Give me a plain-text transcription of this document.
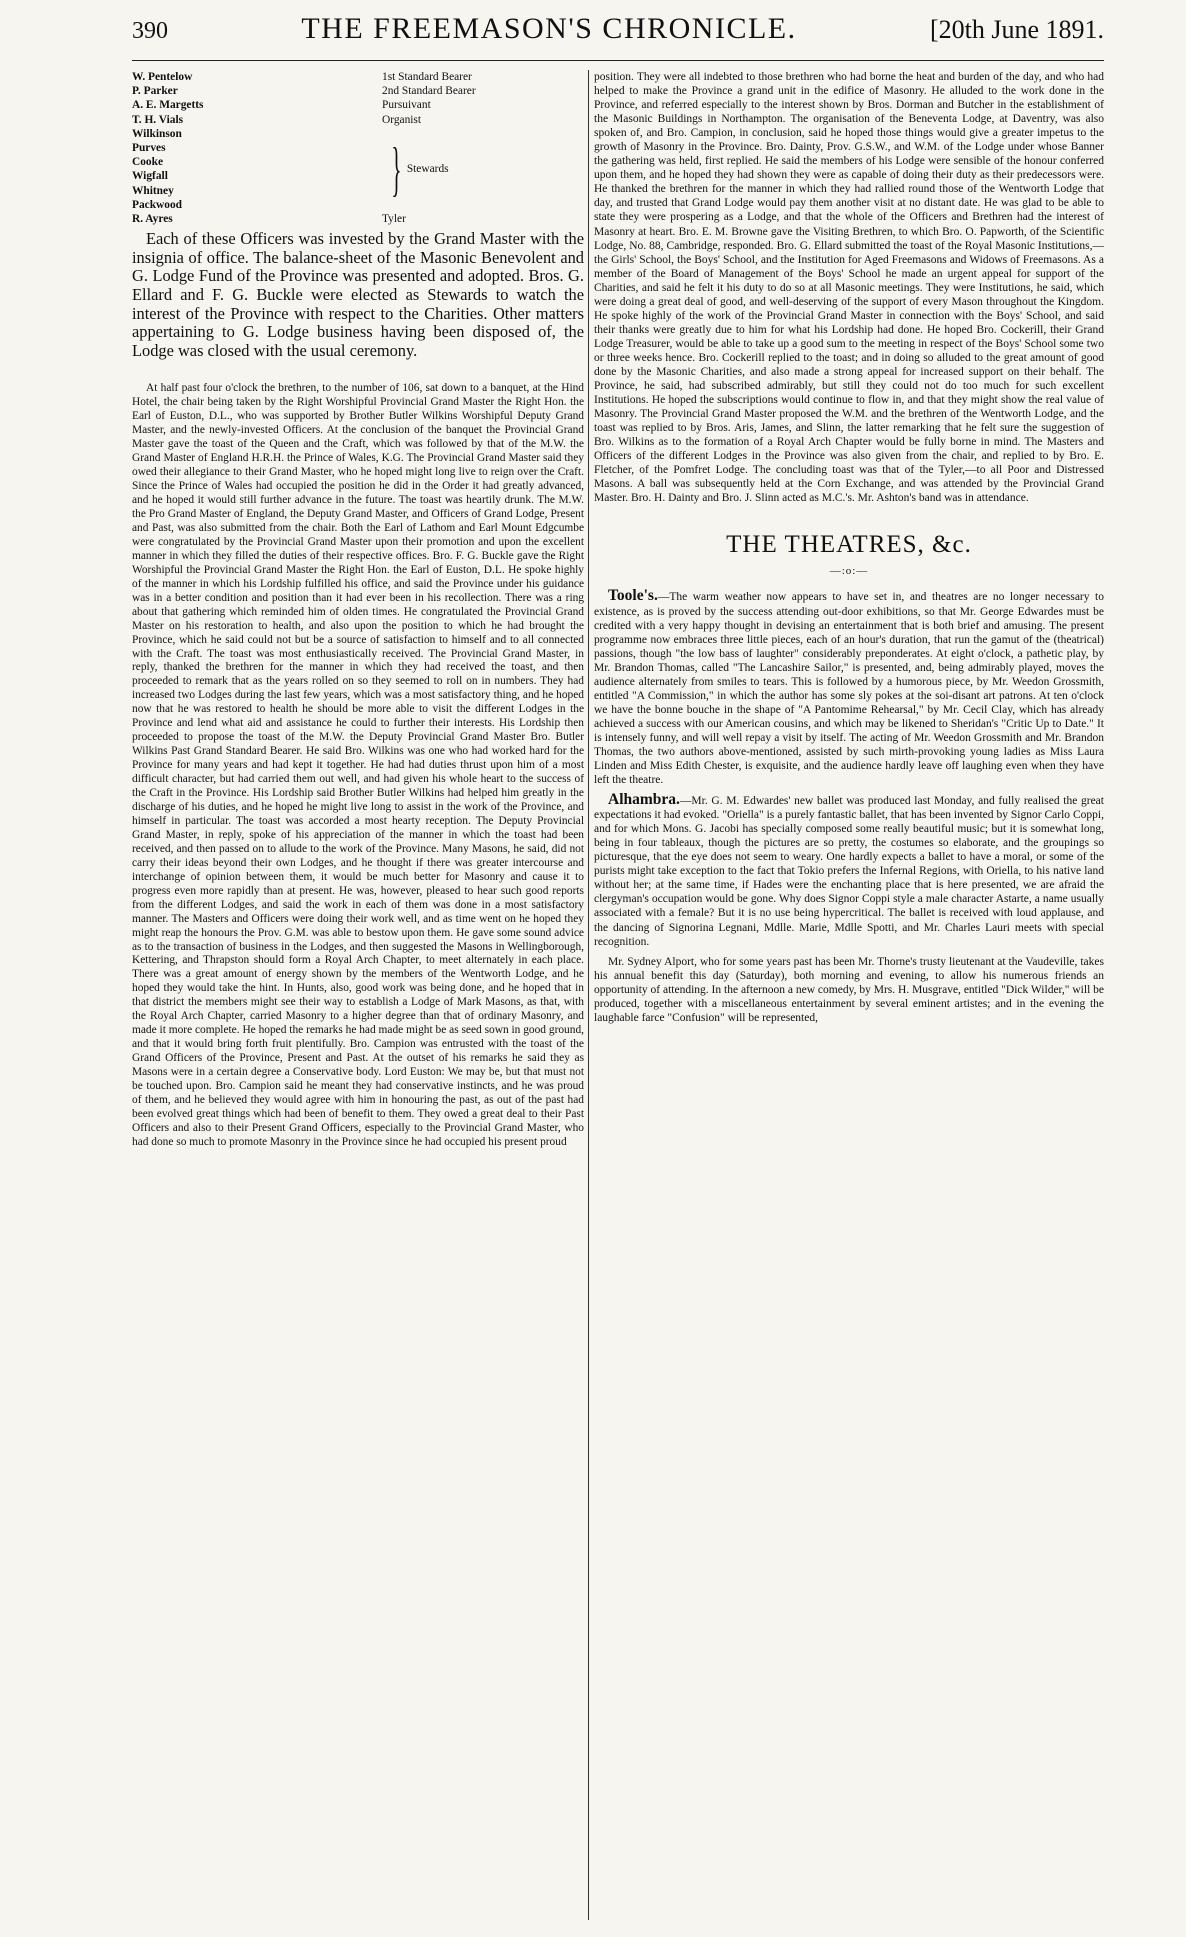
390	THE FREEMASON'S CHRONICLE.	[20th June 1891.
W. Pentelow	1st Standard Bearer
P. Parker	2nd Standard Bearer
A. E. Margetts	Pursuivant
T. H. Vials	Organist
Wilkinson
Purves
Cooke
Wigfall
Whitney
Packwood
} Stewards
R. Ayres	Tyler

Each of these Officers was invested by the Grand Master with the insignia of office. The balance-sheet of the Masonic Benevolent and G. Lodge Fund of the Province was presented and adopted. Bros. G. Ellard and F. G. Buckle were elected as Stewards to watch the interest of the Province with respect to the Charities. Other matters appertaining to G. Lodge business having been disposed of, the Lodge was closed with the usual ceremony.

At half past four o'clock the brethren, to the number of 106, sat down to a banquet, at the Hind Hotel, the chair being taken by the Right Worshipful Provincial Grand Master the Right Hon. the Earl of Euston, D.L., who was supported by Brother Butler Wilkins Worshipful Deputy Grand Master, and the newly-invested Officers. At the conclusion of the banquet the Provincial Grand Master gave the toast of the Queen and the Craft, which was followed by that of the M.W. the Grand Master of England H.R.H. the Prince of Wales, K.G. The Provincial Grand Master said they owed their allegiance to their Grand Master, who he hoped might long live to reign over the Craft. Since the Prince of Wales had occupied the position he did in the Order it had greatly advanced, and he hoped it would still further advance in the future. The toast was heartily drunk. The M.W. the Pro Grand Master of England, the Deputy Grand Master, and Officers of Grand Lodge, Present and Past, was also submitted from the chair. Both the Earl of Lathom and Earl Mount Edgcumbe were congratulated by the Provincial Grand Master upon their promotion and upon the excellent manner in which they filled the duties of their respective offices. Bro. F. G. Buckle gave the Right Worshipful the Provincial Grand Master the Right Hon. the Earl of Euston, D.L. He spoke highly of the manner in which his Lordship fulfilled his office, and said the Province under his guidance was in a better condition and position than it had ever been in his recollection. There was a ring about that gathering which reminded him of olden times. He congratulated the Provincial Grand Master on his restoration to health, and also upon the position to which he had brought the Province, which he said could not but be a source of satisfaction to himself and to all connected with the Craft. The toast was most enthusiastically received. The Provincial Grand Master, in reply, thanked the brethren for the manner in which they had received the toast, and then proceeded to remark that as the years rolled on so they seemed to roll on in numbers. They had increased two Lodges during the last few years, which was a most satisfactory thing, and he hoped now that he was restored to health he should be more able to visit the different Lodges in the Province and lend what aid and assistance he could to further their interests. His Lordship then proceeded to propose the toast of the M.W. the Deputy Provincial Grand Master Bro. Butler Wilkins Past Grand Standard Bearer. He said Bro. Wilkins was one who had worked hard for the Province for many years and had kept it together. He had had duties thrust upon him of a most difficult character, but had carried them out well, and had given his whole heart to the success of the Craft in the Province. His Lordship said Brother Butler Wilkins had helped him greatly in the discharge of his duties, and he hoped he might live long to assist in the work of the Province, and himself in particular. The toast was accorded a most hearty reception. The Deputy Provincial Grand Master, in reply, spoke of his appreciation of the manner in which the toast had been received, and then passed on to allude to the work of the Province. Many Masons, he said, did not carry their ideas beyond their own Lodges, and he thought if there was greater intercourse and interchange of opinion between them, it would be much better for Masonry and cause it to progress even more rapidly than at present. He was, however, pleased to hear such good reports from the different Lodges, and said the work in each of them was done in a most satisfactory manner. The Masters and Officers were doing their work well, and as time went on he hoped they might reap the honours the Prov. G.M. was able to bestow upon them. He gave some sound advice as to the transaction of business in the Lodges, and then suggested the Masons in Wellingborough, Kettering, and Thrapston should form a Royal Arch Chapter, to meet alternately in each place. There was a great amount of energy shown by the members of the Wentworth Lodge, and he hoped they would take the hint. In Hunts, also, good work was being done, and he hoped that in that district the members might see their way to establish a Lodge of Mark Masons, as that, with the Royal Arch Chapter, carried Masonry to a higher degree than that of ordinary Masonry, and made it more complete. He hoped the remarks he had made might be as seed sown in good ground, and that it would bring forth fruit plentifully. Bro. Campion was entrusted with the toast of the Grand Officers of the Province, Present and Past. At the outset of his remarks he said they as Masons were in a certain degree a Conservative body. Lord Euston: We may be, but that must not be touched upon. Bro. Campion said he meant they had conservative instincts, and he was proud of them, and he believed they would agree with him in honouring the past, as out of the past had been evolved great things which had been of benefit to them. They owed a great deal to their Past Officers and also to their Present Grand Officers, especially to the Provincial Grand Master, who had done so much to promote Masonry in the Province since he had occupied his present proud

position. They were all indebted to those brethren who had borne the heat and burden of the day, and who had helped to make the Province a grand unit in the edifice of Masonry. He alluded to the work done in the Province, and referred especially to the interest shown by Bros. Dorman and Butcher in the establishment of the Masonic Buildings in Northampton. The organisation of the Beneventa Lodge, at Daventry, was also spoken of, and Bro. Campion, in conclusion, said he hoped those things would give a greater impetus to the growth of Masonry in the Province. Bro. Dainty, Prov. G.S.W., and W.M. of the Lodge under whose Banner the gathering was held, first replied. He said the members of his Lodge were sensible of the honour conferred upon them, and he hoped they had shown they were as capable of doing their duty as their predecessors were. He thanked the brethren for the manner in which they had rallied round those of the Wentworth Lodge that day, and trusted that Grand Lodge would pay them another visit at no distant date. He was glad to be able to state they were prospering as a Lodge, and that the whole of the Officers and Brethren had the interest of Masonry at heart. Bro. E. M. Browne gave the Visiting Brethren, to which Bro. O. Papworth, of the Scientific Lodge, No. 88, Cambridge, responded. Bro. G. Ellard submitted the toast of the Royal Masonic Institutions,—the Girls' School, the Boys' School, and the Institution for Aged Freemasons and Widows of Freemasons. As a member of the Board of Management of the Boys' School he made an urgent appeal for support of the Charities, and said he felt it his duty to do so at all Masonic meetings. They were Institutions, he said, which were doing a great deal of good, and well-deserving of the support of every Mason throughout the Kingdom. He spoke highly of the work of the Provincial Grand Master in connection with the Boys' School, and said their thanks were greatly due to him for what his Lordship had done. He hoped Bro. Cockerill, their Grand Lodge Treasurer, would be able to take up a good sum to the meeting in respect of the Boys' School some two or three weeks hence. Bro. Cockerill replied to the toast; and in doing so alluded to the great amount of good done by the Masonic Charities, and also made a strong appeal for increased support on their behalf. The Province, he said, had subscribed admirably, but still they could not do too much for such excellent Institutions. He hoped the subscriptions would continue to flow in, and that they might show the real value of Masonry. The Provincial Grand Master proposed the W.M. and the brethren of the Wentworth Lodge, and the toast was replied to by Bros. Aris, James, and Slinn, the latter remarking that he felt sure the suggestion of Bro. Wilkins as to the formation of a Royal Arch Chapter would be fully borne in mind. The Masters and Officers of the different Lodges in the Province was also given from the chair, and replied to by Bro. E. Fletcher, of the Pomfret Lodge. The concluding toast was that of the Tyler,—to all Poor and Distressed Masons. A ball was subsequently held at the Corn Exchange, and was attended by the Provincial Grand Master. Bro. H. Dainty and Bro. J. Slinn acted as M.C.'s. Mr. Ashton's band was in attendance.

THE THEATRES, &c.
—:o:—

Toole's.—The warm weather now appears to have set in, and theatres are no longer necessary to existence, as is proved by the success attending out-door exhibitions, so that Mr. George Edwardes must be credited with a very happy thought in devising an entertainment that is both brief and amusing. The present programme now embraces three little pieces, each of an hour's duration, that run the gamut of the (theatrical) passions, though "the low bass of laughter" considerably preponderates. At eight o'clock, a pathetic play, by Mr. Brandon Thomas, called "The Lancashire Sailor," is presented, and, being admirably played, moves the audience alternately from smiles to tears. This is followed by a humorous piece, by Mr. Weedon Grossmith, entitled "A Commission," in which the author has some sly pokes at the soi-disant art patrons. At ten o'clock we have the bonne bouche in the shape of "A Pantomime Rehearsal," by Mr. Cecil Clay, which has already achieved a success with our American cousins, and which may be likened to Sheridan's "Critic Up to Date." It is intensely funny, and will well repay a visit by itself. The acting of Mr. Weedon Grossmith and Mr. Brandon Thomas, the two authors above-mentioned, assisted by such mirth-provoking young ladies as Miss Laura Linden and Miss Edith Chester, is exquisite, and the audience hardly leave off laughing even when they have left the theatre.

Alhambra.—Mr. G. M. Edwardes' new ballet was produced last Monday, and fully realised the great expectations it had evoked. "Oriella" is a purely fantastic ballet, that has been invented by Signor Carlo Coppi, and for which Mons. G. Jacobi has specially composed some really beautiful music; but it is somewhat long, being in four tableaux, though the pictures are so pretty, the costumes so elaborate, and the groupings so picturesque, that the eye does not seem to weary. One hardly expects a ballet to have a moral, or some of the purists might take exception to the fact that Tokio prefers the Infernal Regions, with Oriella, to his native land without her; at the same time, if Hades were the enchanting place that is here presented, we are afraid the clergyman's occupation would be gone. Why does Signor Coppi style a male character Astarte, a name usually associated with a female? But it is no use being hypercritical. The ballet is received with loud applause, and the dancing of Signorina Legnani, Mdlle. Marie, Mdlle Spotti, and Mr. Charles Lauri meets with special recognition.

Mr. Sydney Alport, who for some years past has been Mr. Thorne's trusty lieutenant at the Vaudeville, takes his annual benefit this day (Saturday), both morning and evening, to allow his numerous friends an opportunity of attending. In the afternoon a new comedy, by Mrs. H. Musgrave, entitled "Dick Wilder," will be produced, together with a miscellaneous entertainment by several eminent artistes; and in the evening the laughable farce "Confusion" will be represented,
